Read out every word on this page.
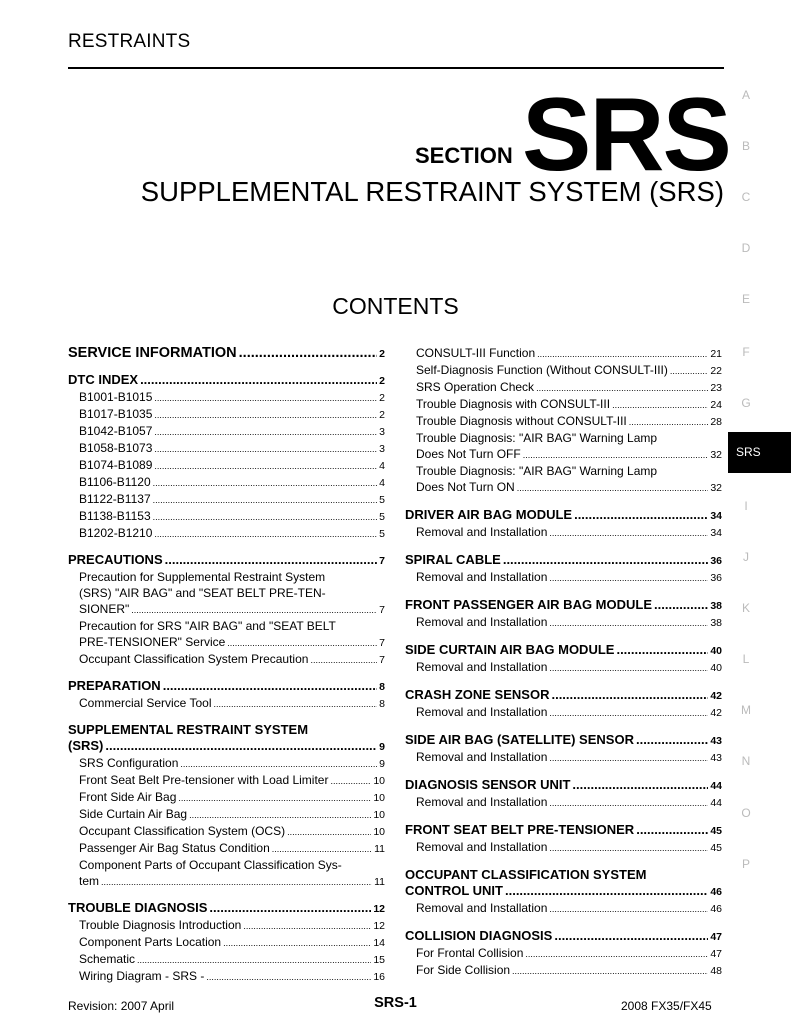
RESTRAINTS
SECTION SRS
SUPPLEMENTAL RESTRAINT SYSTEM (SRS)
CONTENTS
A
B
C
D
E
F
G
I
J
K
L
M
N
O
P
SRS
SERVICE INFORMATION .....	2
DTC INDEX .....	2
B1001-B1015 .....	2
B1017-B1035 .....	2
B1042-B1057 .....	3
B1058-B1073 .....	3
B1074-B1089 .....	4
B1106-B1120 .....	4
B1122-B1137 .....	5
B1138-B1153 .....	5
B1202-B1210 .....	5
PRECAUTIONS .....	7
Precaution for Supplemental Restraint System
(SRS) "AIR BAG" and "SEAT BELT PRE-TEN-
SIONER" .....	7
Precaution for SRS "AIR BAG" and "SEAT BELT
PRE-TENSIONER" Service .....	7
Occupant Classification System Precaution .....	7
PREPARATION .....	8
Commercial Service Tool .....	8
SUPPLEMENTAL RESTRAINT SYSTEM
(SRS) .....	9
SRS Configuration .....	9
Front Seat Belt Pre-tensioner with Load Limiter .....	10
Front Side Air Bag .....	10
Side Curtain Air Bag .....	10
Occupant Classification System (OCS) .....	10
Passenger Air Bag Status Condition .....	11
Component Parts of Occupant Classification Sys-
tem .....	11
TROUBLE DIAGNOSIS .....	12
Trouble Diagnosis Introduction .....	12
Component Parts Location .....	14
Schematic .....	15
Wiring Diagram - SRS - .....	16
CONSULT-III Function .....	21
Self-Diagnosis Function (Without CONSULT-III) .....	22
SRS Operation Check .....	23
Trouble Diagnosis with CONSULT-III .....	24
Trouble Diagnosis without CONSULT-III .....	28
Trouble Diagnosis: "AIR BAG" Warning Lamp
Does Not Turn OFF .....	32
Trouble Diagnosis: "AIR BAG" Warning Lamp
Does Not Turn ON .....	32
DRIVER AIR BAG MODULE .....	34
Removal and Installation .....	34
SPIRAL CABLE .....	36
Removal and Installation .....	36
FRONT PASSENGER AIR BAG MODULE .....	38
Removal and Installation .....	38
SIDE CURTAIN AIR BAG MODULE .....	40
Removal and Installation .....	40
CRASH ZONE SENSOR .....	42
Removal and Installation .....	42
SIDE AIR BAG (SATELLITE) SENSOR .....	43
Removal and Installation .....	43
DIAGNOSIS SENSOR UNIT .....	44
Removal and Installation .....	44
FRONT SEAT BELT PRE-TENSIONER .....	45
Removal and Installation .....	45
OCCUPANT CLASSIFICATION SYSTEM
CONTROL UNIT .....	46
Removal and Installation .....	46
COLLISION DIAGNOSIS .....	47
For Frontal Collision .....	47
For Side Collision .....	48
Revision: 2007 April	SRS-1	2008 FX35/FX45
